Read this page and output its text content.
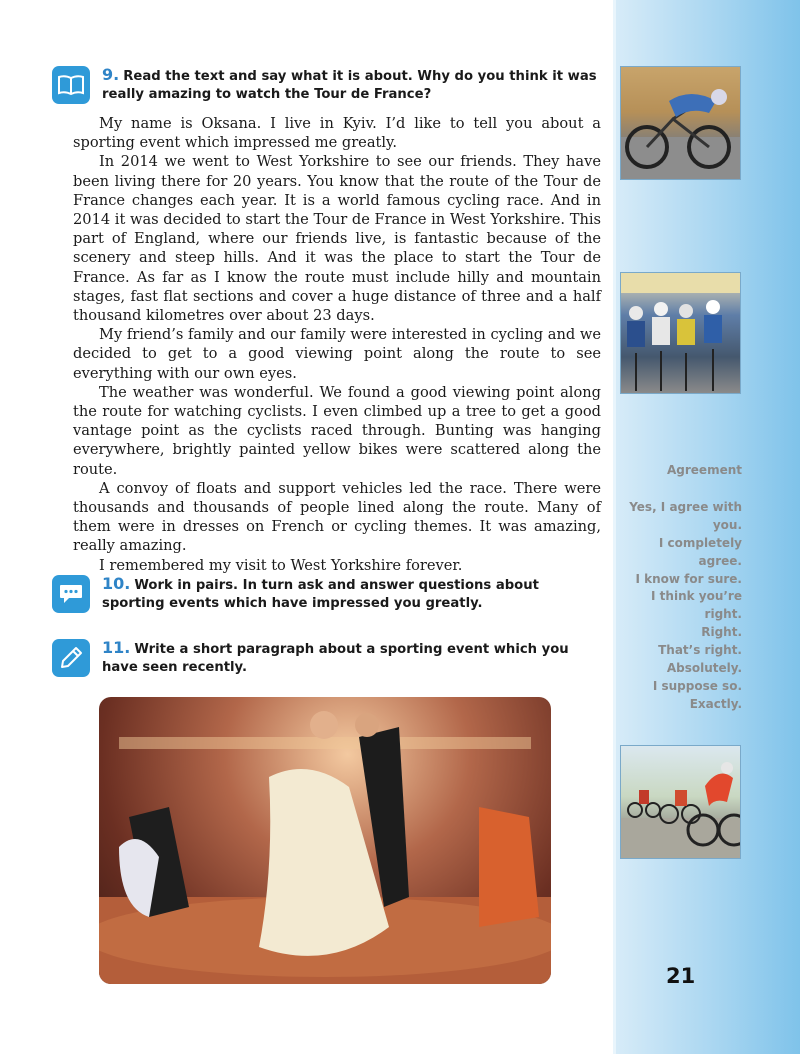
9. Read the text and say what it is about. Why do you think it was really amazing to watch the Tour de France?

My name is Oksana. I live in Kyiv. I’d like to tell you about a sporting event which impressed me greatly.

In 2014 we went to West Yorkshire to see our friends. They have been living there for 20 years. You know that the route of the Tour de France changes each year. It is a world famous cycling race. And in 2014 it was decided to start the Tour de France in West Yorkshire. This part of England, where our friends live, is fantastic because of the scenery and steep hills. And it was the place to start the Tour de France. As far as I know the route must include hilly and mountain stages, fast flat sections and cover a huge distance of three and a half thousand kilometres over about 23 days.

My friend’s family and our family were interested in cycling and we decided to get to a good viewing point along the route to see everything with our own eyes.

The weather was wonderful. We found a good viewing point along the route for watching cyclists. I even climbed up a tree to get a good vantage point as the cyclists raced through. Bunting was hanging everywhere, brightly painted yellow bikes were scattered along the route.

A convoy of floats and support vehicles led the race. There were thousands and thousands of people lined along the route. Many of them were in dresses on French or cycling themes. It was amazing, really amazing.

I remembered my visit to West Yorkshire forever.

10. Work in pairs. In turn ask and answer questions about sporting events which have impressed you greatly.
11. Write a short paragraph about a sporting event which you have seen recently.
Agreement
Yes, I agree with you.
I completely agree.
I know for sure.
I think you’re right.
Right.
That’s right.
Absolutely.
I suppose so.
Exactly.
21
